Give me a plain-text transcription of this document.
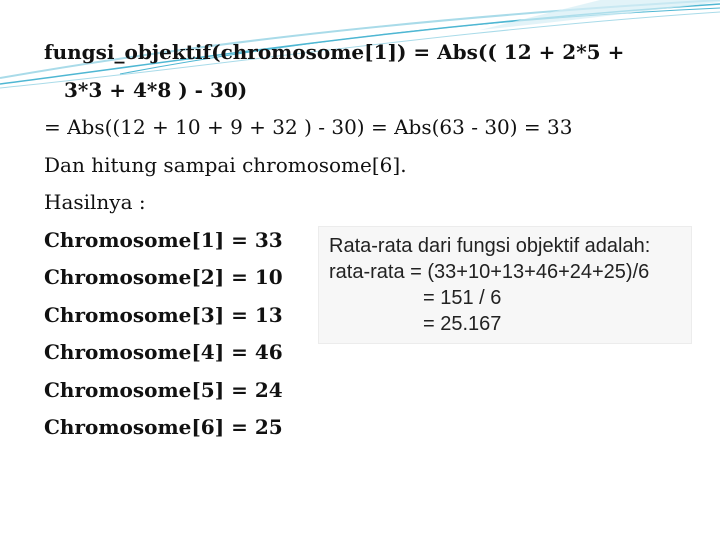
fungsi_objektif(chromosome[1]) = Abs(( 12 + 2*5 +
3*3 + 4*8 ) - 30)
= Abs((12 + 10 + 9 + 32 ) - 30) = Abs(63 - 30) = 33
Dan hitung sampai chromosome[6].
Hasilnya :
Chromosome[1] = 33
Chromosome[2] = 10
Chromosome[3] = 13
Chromosome[4] = 46
Chromosome[5] = 24
Chromosome[6] = 25
Rata-rata dari fungsi objektif adalah:
rata-rata = (33+10+13+46+24+25)/6
= 151 / 6
= 25.167
